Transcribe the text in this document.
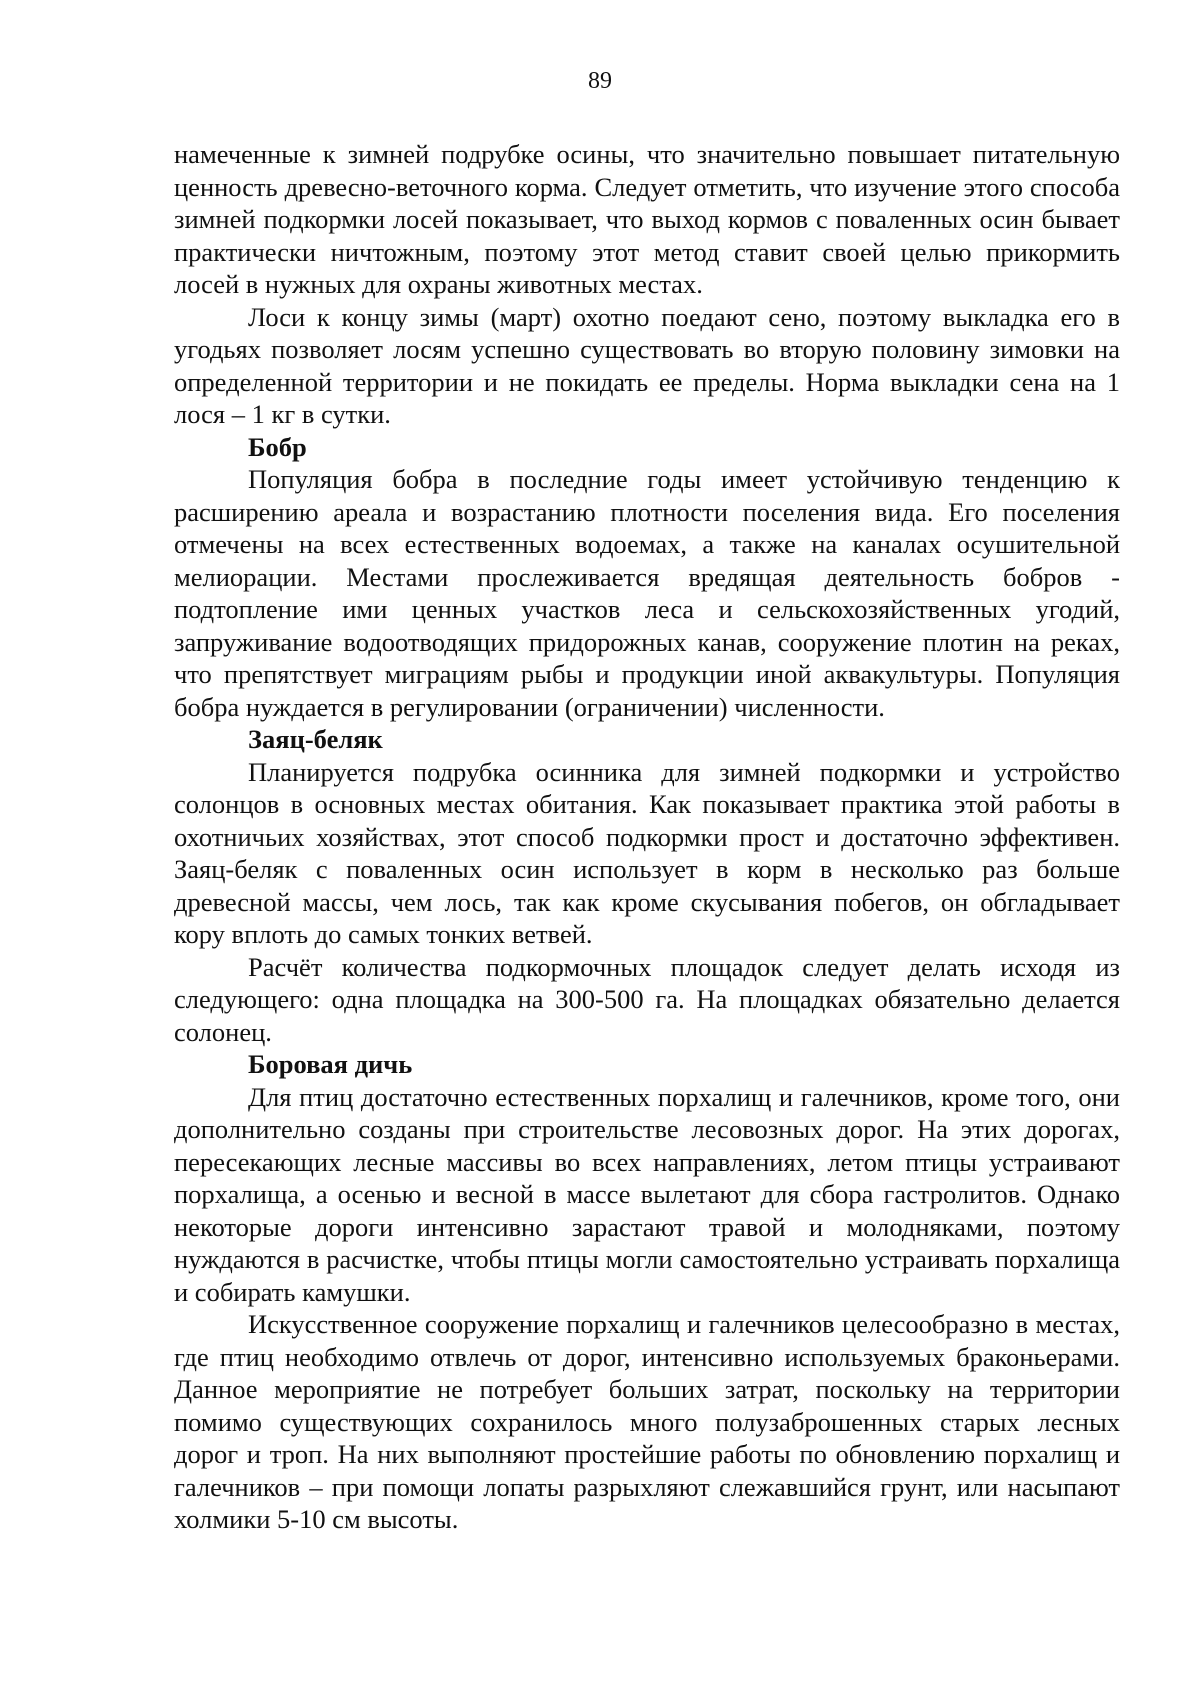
89

намеченные к зимней подрубке осины, что значительно повышает питательную ценность древесно-веточного корма. Следует отметить, что изучение этого способа зимней подкормки лосей показывает, что выход кормов с поваленных осин бывает практически ничтожным, поэтому этот метод ставит своей целью прикормить лосей в нужных для охраны животных местах.

Лоси к концу зимы (март) охотно поедают сено, поэтому выкладка его в угодьях позволяет лосям успешно существовать во вторую половину зимовки на определенной территории и не покидать ее пределы. Норма выкладки сена на 1 лося – 1 кг в сутки.

Бобр

Популяция бобра в последние годы имеет устойчивую тенденцию к расширению ареала и возрастанию плотности поселения вида. Его поселения отмечены на всех естественных водоемах, а также на каналах осушительной мелиорации. Местами прослеживается вредящая деятельность бобров - подтопление ими ценных участков леса и сельскохозяйственных угодий, запруживание водоотводящих придорожных канав, сооружение плотин на реках, что препятствует миграциям рыбы и продукции иной аквакультуры. Популяция бобра нуждается в регулировании (ограничении) численности.

Заяц-беляк

Планируется подрубка осинника для зимней подкормки и устройство солонцов в основных местах обитания. Как показывает практика этой работы в охотничьих хозяйствах, этот способ подкормки прост и достаточно эффективен. Заяц-беляк с поваленных осин использует в корм в несколько раз больше древесной массы, чем лось, так как кроме скусывания побегов, он обгладывает кору вплоть до самых тонких ветвей.

Расчёт количества подкормочных площадок следует делать исходя из следующего: одна площадка на 300-500 га. На площадках обязательно делается солонец.

Боровая дичь

Для птиц достаточно естественных порхалищ и галечников, кроме того, они дополнительно созданы при строительстве лесовозных дорог. На этих дорогах, пересекающих лесные массивы во всех направлениях, летом птицы устраивают порхалища, а осенью и весной в массе вылетают для сбора гастролитов. Однако некоторые дороги интенсивно зарастают травой и молодняками, поэтому нуждаются в расчистке, чтобы птицы могли самостоятельно устраивать порхалища и собирать камушки.

Искусственное сооружение порхалищ и галечников целесообразно в местах, где птиц необходимо отвлечь от дорог, интенсивно используемых браконьерами. Данное мероприятие не потребует больших затрат, поскольку на территории помимо существующих сохранилось много полузаброшенных старых лесных дорог и троп. На них выполняют простейшие работы по обновлению порхалищ и галечников – при помощи лопаты разрыхляют слежавшийся грунт, или насыпают холмики 5-10 см высоты.
